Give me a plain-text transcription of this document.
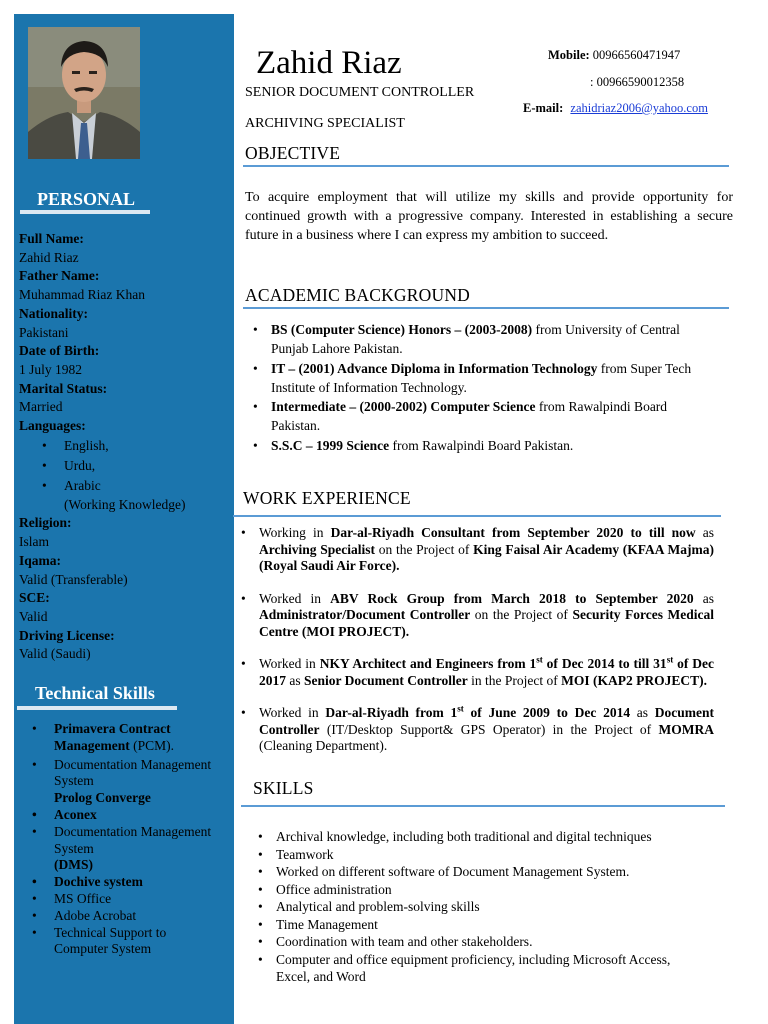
PERSONAL
Full Name:
Zahid Riaz
Father Name:
Muhammad Riaz Khan
Nationality:
Pakistani
Date of Birth:
1 July 1982
Marital Status:
Married
Languages:
• English,
• Urdu,
• Arabic
(Working Knowledge)
Religion:
Islam
Iqama:
Valid (Transferable)
SCE:
Valid
Driving License:
Valid (Saudi)
Technical Skills
• Primavera Contract Management (PCM).
• Documentation Management System
Prolog Converge
• Aconex
• Documentation Management System
(DMS)
• Dochive system
• MS Office
• Adobe Acrobat
• Technical Support to Computer System
Zahid Riaz
SENIOR DOCUMENT CONTROLLER
ARCHIVING SPECIALIST
Mobile: 00966560471947
: 00966590012358
E-mail: zahidriaz2006@yahoo.com
OBJECTIVE
To acquire employment that will utilize my skills and provide opportunity for continued growth with a progressive company. Interested in establishing a secure future in a business where I can express my ambition to succeed.
ACADEMIC BACKGROUND
• BS (Computer Science) Honors – (2003-2008) from University of Central Punjab Lahore Pakistan.
• IT – (2001) Advance Diploma in Information Technology from Super Tech Institute of Information Technology.
• Intermediate – (2000-2002) Computer Science from Rawalpindi Board Pakistan.
• S.S.C – 1999 Science from Rawalpindi Board Pakistan.
WORK EXPERIENCE
• Working in Dar-al-Riyadh Consultant from September 2020 to till now as Archiving Specialist on the Project of King Faisal Air Academy (KFAA Majma) (Royal Saudi Air Force).
• Worked in ABV Rock Group from March 2018 to September 2020 as Administrator/Document Controller on the Project of Security Forces Medical Centre (MOI PROJECT).
• Worked in NKY Architect and Engineers from 1st of Dec 2014 to till 31st of Dec 2017 as Senior Document Controller in the Project of MOI (KAP2 PROJECT).
• Worked in Dar-al-Riyadh from 1st of June 2009 to Dec 2014 as Document Controller (IT/Desktop Support& GPS Operator) in the Project of MOMRA (Cleaning Department).
SKILLS
• Archival knowledge, including both traditional and digital techniques
• Teamwork
• Worked on different software of Document Management System.
• Office administration
• Analytical and problem-solving skills
• Time Management
• Coordination with team and other stakeholders.
• Computer and office equipment proficiency, including Microsoft Access, Excel, and Word
